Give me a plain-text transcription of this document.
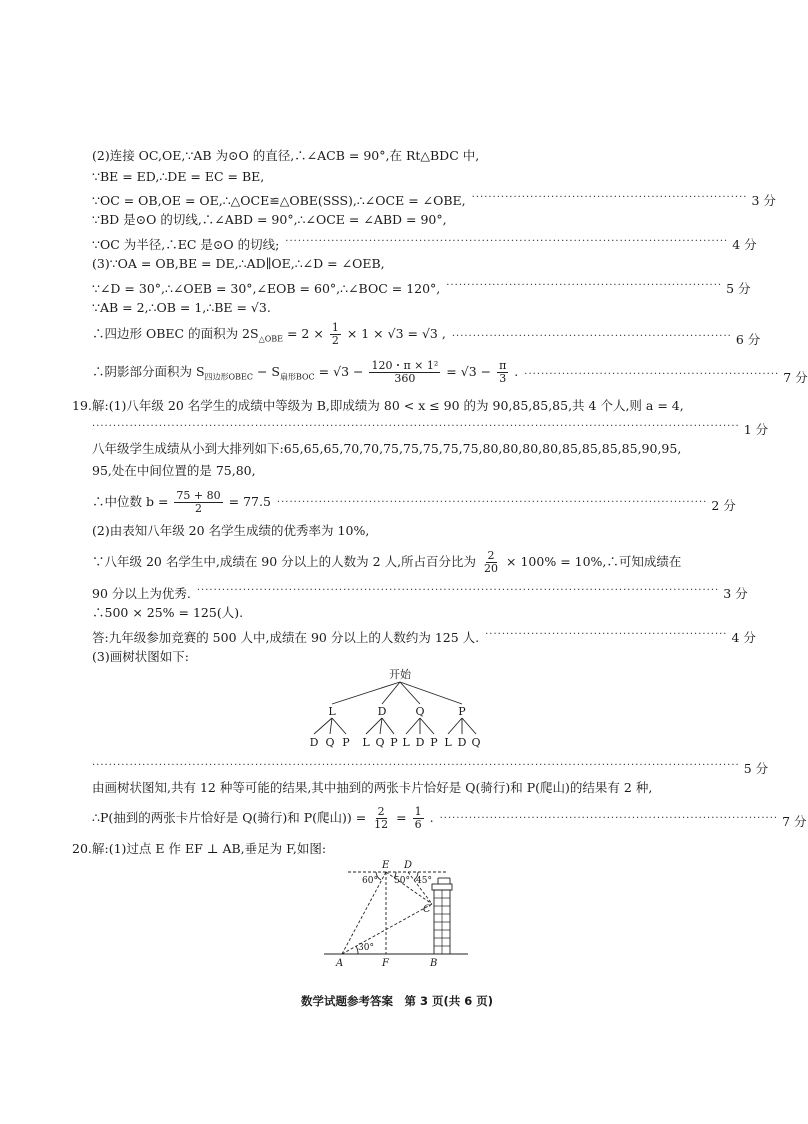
(2)连接 OC,OE,∵AB 为⊙O 的直径,∴∠ACB = 90°,在 Rt△BDC 中,
∵BE = ED,∴DE = EC = BE,
∵OC = OB,OE = OE,∴△OCE≌△OBE(SSS),∴∠OCE = ∠OBE, ·································································· 3 分
∵BD 是⊙O 的切线,∴∠ABD = 90°,∴∠OCE = ∠ABD = 90°,
∵OC 为半径,∴EC 是⊙O 的切线; ·········································································································· 4 分
(3)∵OA = OB,BE = DE,∴AD∥OE,∴∠D = ∠OEB,
∵∠D = 30°,∴∠OEB = 30°,∠EOB = 60°,∴∠BOC = 120°, ·································································· 5 分
∵AB = 2,∴OB = 1,∴BE = √3.
∴四边形 OBEC 的面积为 $2S_{\triangle OBE} = 2 \times \frac{1}{2} \times 1 \times √3 = √3$ , ··································································· 6 分
∴阴影部分面积为 $S_{四边形OBEC} - S_{扇形BOC} = √3 - \frac{\text{120・π × 1²}}{360} = √3 - \frac{\pi}{3}$ . ····························································· 7 分
19. 解:(1)八年级 20 名学生的成绩中等级为 B,即成绩为 80 < x ≤ 90 的为 90,85,85,85,共 4 个人,则 a = 4,
··························································································································································· 1 分
八年级学生成绩从小到大排列如下:65,65,65,70,70,75,75,75,75,75,80,80,80,80,85,85,85,85,90,95,
95,处在中间位置的是 75,80,
∴中位数 $b = \frac{75 + 80}{2} = 77.5$ ······································································································· 2 分
(2)由表知八年级 20 名学生成绩的优秀率为 10%,
∵八年级 20 名学生中,成绩在 90 分以上的人数为 2 人,所占百分比为 $\frac{2}{20} \times 100\%$ = 10%,∴可知成绩在
90 分以上为优秀. ····························································································································· 3 分
∴500 × 25% = 125(人).
答:九年级参加竞赛的 500 人中,成绩在 90 分以上的人数约为 125 人. ·························································· 4 分
(3)画树状图如下:
开始
L	D	Q	P
D Q P L Q P L D P L D Q
··························································································································································· 5 分
由画树状图知,共有 12 种等可能的结果,其中抽到的两张卡片恰好是 Q(骑行)和 P(爬山)的结果有 2 种,
∴P(抽到的两张卡片恰好是 Q(骑行)和 P(爬山)) = $\frac{2}{12} = \frac{1}{6}$ . ················································································· 7 分
20. 解:(1)过点 E 作 EF ⊥ AB,垂足为 F,如图:
E D
C
A	F	B
60° 50° 45°
30°
数学试题参考答案　第 3 页(共 6 页)
